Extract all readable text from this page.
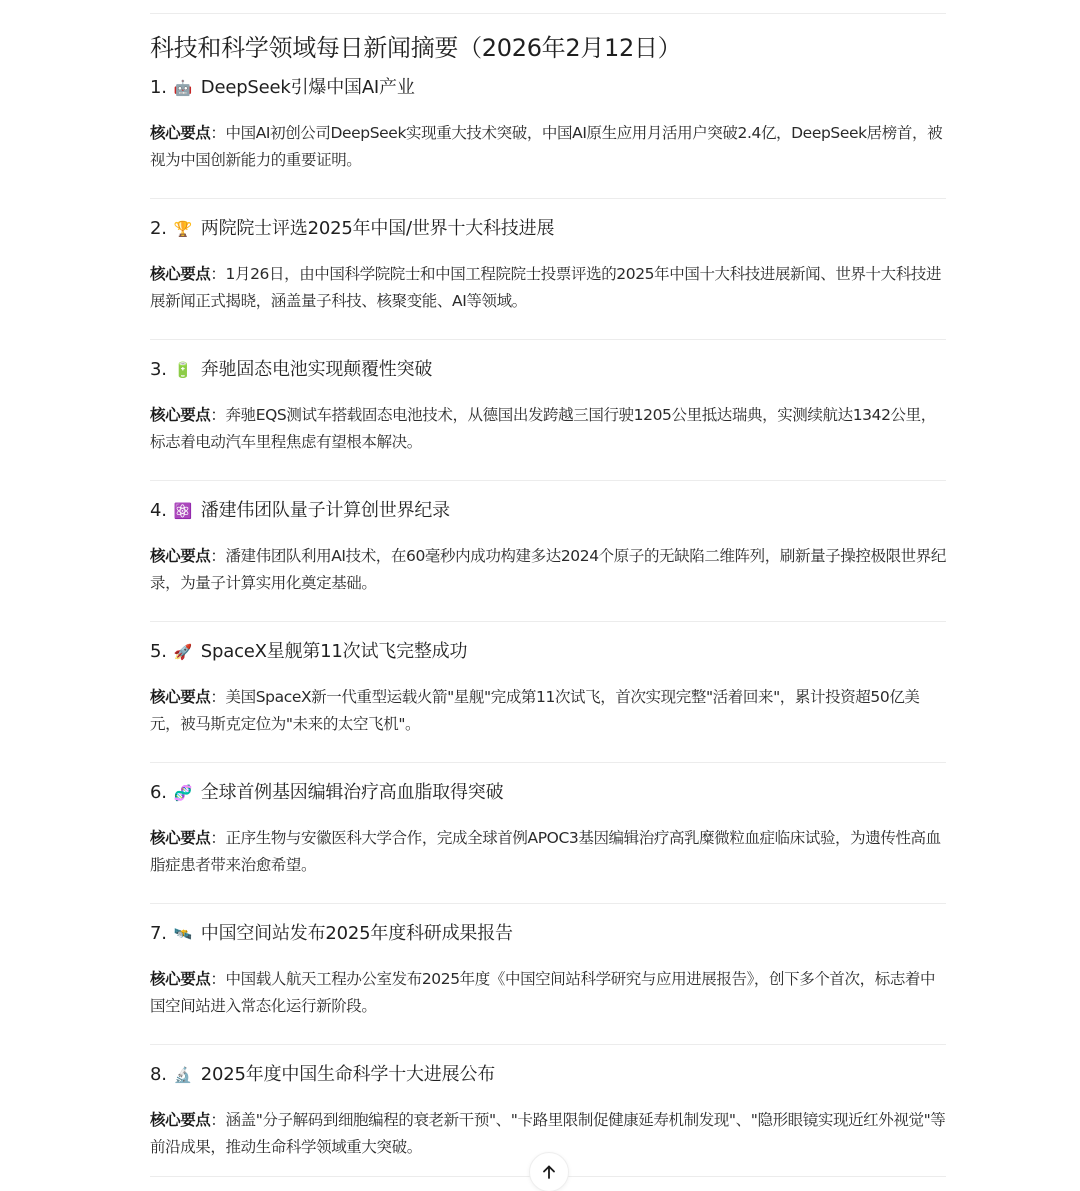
科技和科学领域每日新闻摘要（2026年2月12日）
1. 🤖 DeepSeek引爆中国AI产业

核心要点：中国AI初创公司DeepSeek实现重大技术突破，中国AI原生应用月活用户突破2.4亿，DeepSeek居榜首，被视为中国创新能力的重要证明。

2. 🏆 两院院士评选2025年中国/世界十大科技进展

核心要点：1月26日，由中国科学院院士和中国工程院院士投票评选的2025年中国十大科技进展新闻、世界十大科技进展新闻正式揭晓，涵盖量子科技、核聚变能、AI等领域。

3. 🔋 奔驰固态电池实现颠覆性突破

核心要点：奔驰EQS测试车搭载固态电池技术，从德国出发跨越三国行驶1205公里抵达瑞典，实测续航达1342公里，标志着电动汽车里程焦虑有望根本解决。

4. ⚛️ 潘建伟团队量子计算创世界纪录

核心要点：潘建伟团队利用AI技术，在60毫秒内成功构建多达2024个原子的无缺陷二维阵列，刷新量子操控极限世界纪录，为量子计算实用化奠定基础。

5. 🚀 SpaceX星舰第11次试飞完整成功

核心要点：美国SpaceX新一代重型运载火箭"星舰"完成第11次试飞，首次实现完整"活着回来"，累计投资超50亿美元，被马斯克定位为"未来的太空飞机"。

6. 🧬 全球首例基因编辑治疗高血脂取得突破

核心要点：正序生物与安徽医科大学合作，完成全球首例APOC3基因编辑治疗高乳糜微粒血症临床试验，为遗传性高血脂症患者带来治愈希望。

7. 🛰️ 中国空间站发布2025年度科研成果报告

核心要点：中国载人航天工程办公室发布2025年度《中国空间站科学研究与应用进展报告》，创下多个首次，标志着中国空间站进入常态化运行新阶段。

8. 🔬 2025年度中国生命科学十大进展公布

核心要点：涵盖"分子解码到细胞编程的衰老新干预"、"卡路里限制促健康延寿机制发现"、"隐形眼镜实现近红外视觉"等前沿成果，推动生命科学领域重大突破。
